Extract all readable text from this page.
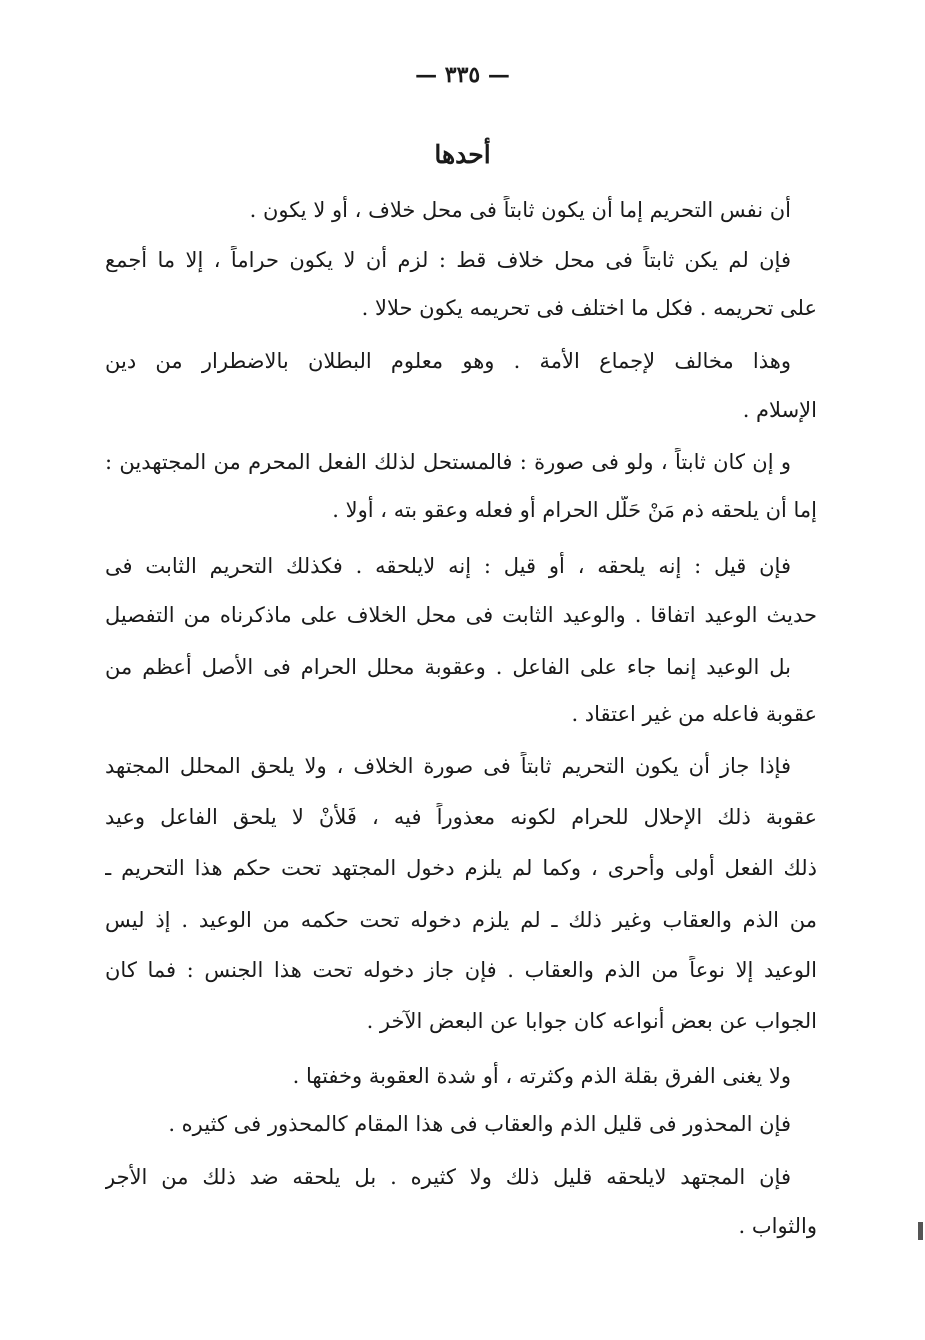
— ٣٣٥ —
أحدها
أن نفس التحريم إما أن يكون ثابتاً فى محل خلاف ، أو لا يكون .
فإن لم يكن ثابتاً فى محل خلاف قط : لزم أن لا يكون حراماً ، إلا ما أجمع
على تحريمه . فكل ما اختلف فى تحريمه يكون حلالا .
وهذا مخالف لإجماع الأمة . وهو معلوم البطلان بالاضطرار من دين
الإسلام .
و إن كان ثابتاً ، ولو فى صورة : فالمستحل لذلك الفعل المحرم من المجتهدين :
إما أن يلحقه ذم مَنْ حَلَّل الحرام أو فعله وعقو بته ، أولا .
فإن قيل : إنه يلحقه ، أو قيل : إنه لايلحقه . فكذلك التحريم الثابت فى
حديث الوعيد اتفاقا . والوعيد الثابت فى محل الخلاف على ماذكرناه من التفصيل
بل الوعيد إنما جاء على الفاعل . وعقوبة محلل الحرام فى الأصل أعظم من
عقوبة فاعله من غير اعتقاد .
فإذا جاز أن يكون التحريم ثابتاً فى صورة الخلاف ، ولا يلحق المحلل المجتهد
عقوبة ذلك الإحلال للحرام لكونه معذوراً فيه ، فَلأنْ لا يلحق الفاعل وعيد
ذلك الفعل أولى وأحرى ، وكما لم يلزم دخول المجتهد تحت حكم هذا التحريم ـ
من الذم والعقاب وغير ذلك ـ لم يلزم دخوله تحت حكمه من الوعيد . إذ ليس
الوعيد إلا نوعاً من الذم والعقاب . فإن جاز دخوله تحت هذا الجنس : فما كان
الجواب عن بعض أنواعه كان جوابا عن البعض الآخر .
ولا يغنى الفرق بقلة الذم وكثرته ، أو شدة العقوبة وخفتها .
فإن المحذور فى قليل الذم والعقاب فى هذا المقام كالمحذور فى كثيره .
فإن المجتهد لايلحقه قليل ذلك ولا كثيره . بل يلحقه ضد ذلك من الأجر
والثواب .
